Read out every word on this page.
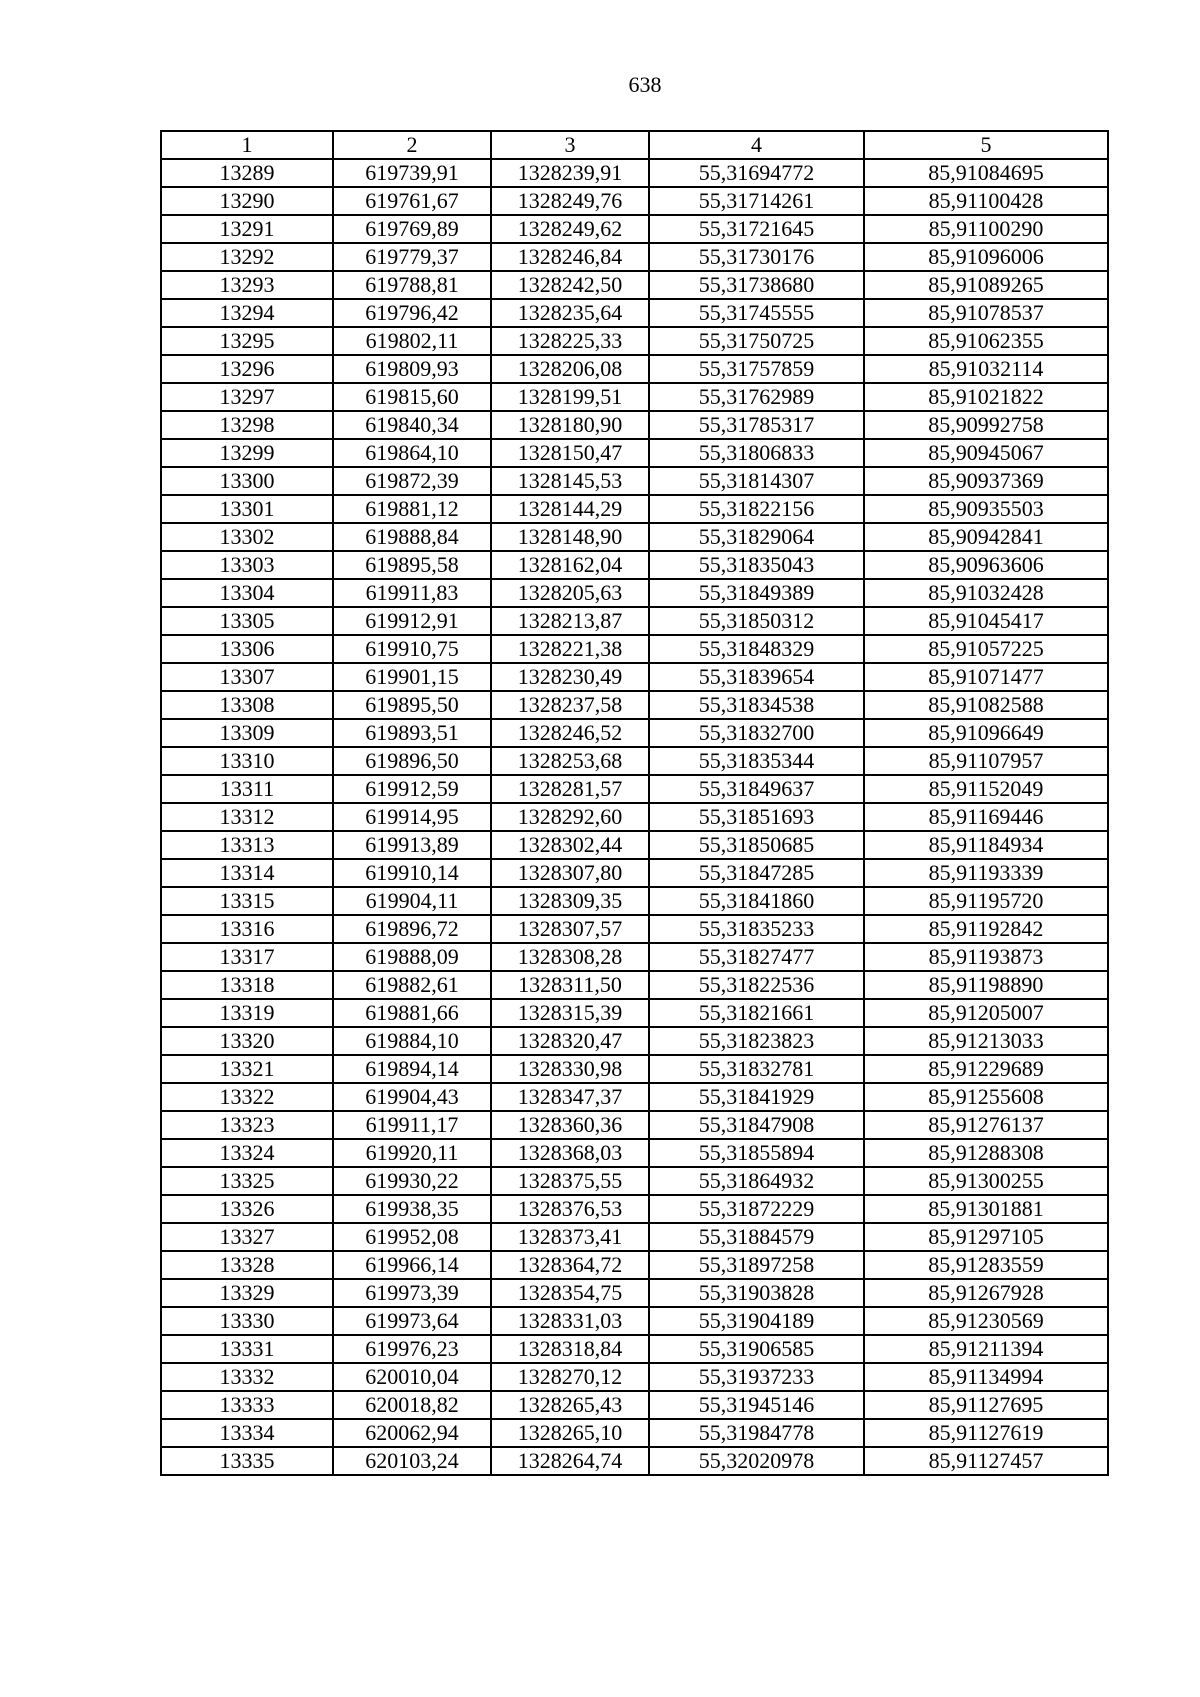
638
1	2	3	4	5
13289	619739,91	1328239,91	55,31694772	85,91084695
13290	619761,67	1328249,76	55,31714261	85,91100428
13291	619769,89	1328249,62	55,31721645	85,91100290
13292	619779,37	1328246,84	55,31730176	85,91096006
13293	619788,81	1328242,50	55,31738680	85,91089265
13294	619796,42	1328235,64	55,31745555	85,91078537
13295	619802,11	1328225,33	55,31750725	85,91062355
13296	619809,93	1328206,08	55,31757859	85,91032114
13297	619815,60	1328199,51	55,31762989	85,91021822
13298	619840,34	1328180,90	55,31785317	85,90992758
13299	619864,10	1328150,47	55,31806833	85,90945067
13300	619872,39	1328145,53	55,31814307	85,90937369
13301	619881,12	1328144,29	55,31822156	85,90935503
13302	619888,84	1328148,90	55,31829064	85,90942841
13303	619895,58	1328162,04	55,31835043	85,90963606
13304	619911,83	1328205,63	55,31849389	85,91032428
13305	619912,91	1328213,87	55,31850312	85,91045417
13306	619910,75	1328221,38	55,31848329	85,91057225
13307	619901,15	1328230,49	55,31839654	85,91071477
13308	619895,50	1328237,58	55,31834538	85,91082588
13309	619893,51	1328246,52	55,31832700	85,91096649
13310	619896,50	1328253,68	55,31835344	85,91107957
13311	619912,59	1328281,57	55,31849637	85,91152049
13312	619914,95	1328292,60	55,31851693	85,91169446
13313	619913,89	1328302,44	55,31850685	85,91184934
13314	619910,14	1328307,80	55,31847285	85,91193339
13315	619904,11	1328309,35	55,31841860	85,91195720
13316	619896,72	1328307,57	55,31835233	85,91192842
13317	619888,09	1328308,28	55,31827477	85,91193873
13318	619882,61	1328311,50	55,31822536	85,91198890
13319	619881,66	1328315,39	55,31821661	85,91205007
13320	619884,10	1328320,47	55,31823823	85,91213033
13321	619894,14	1328330,98	55,31832781	85,91229689
13322	619904,43	1328347,37	55,31841929	85,91255608
13323	619911,17	1328360,36	55,31847908	85,91276137
13324	619920,11	1328368,03	55,31855894	85,91288308
13325	619930,22	1328375,55	55,31864932	85,91300255
13326	619938,35	1328376,53	55,31872229	85,91301881
13327	619952,08	1328373,41	55,31884579	85,91297105
13328	619966,14	1328364,72	55,31897258	85,91283559
13329	619973,39	1328354,75	55,31903828	85,91267928
13330	619973,64	1328331,03	55,31904189	85,91230569
13331	619976,23	1328318,84	55,31906585	85,91211394
13332	620010,04	1328270,12	55,31937233	85,91134994
13333	620018,82	1328265,43	55,31945146	85,91127695
13334	620062,94	1328265,10	55,31984778	85,91127619
13335	620103,24	1328264,74	55,32020978	85,91127457
